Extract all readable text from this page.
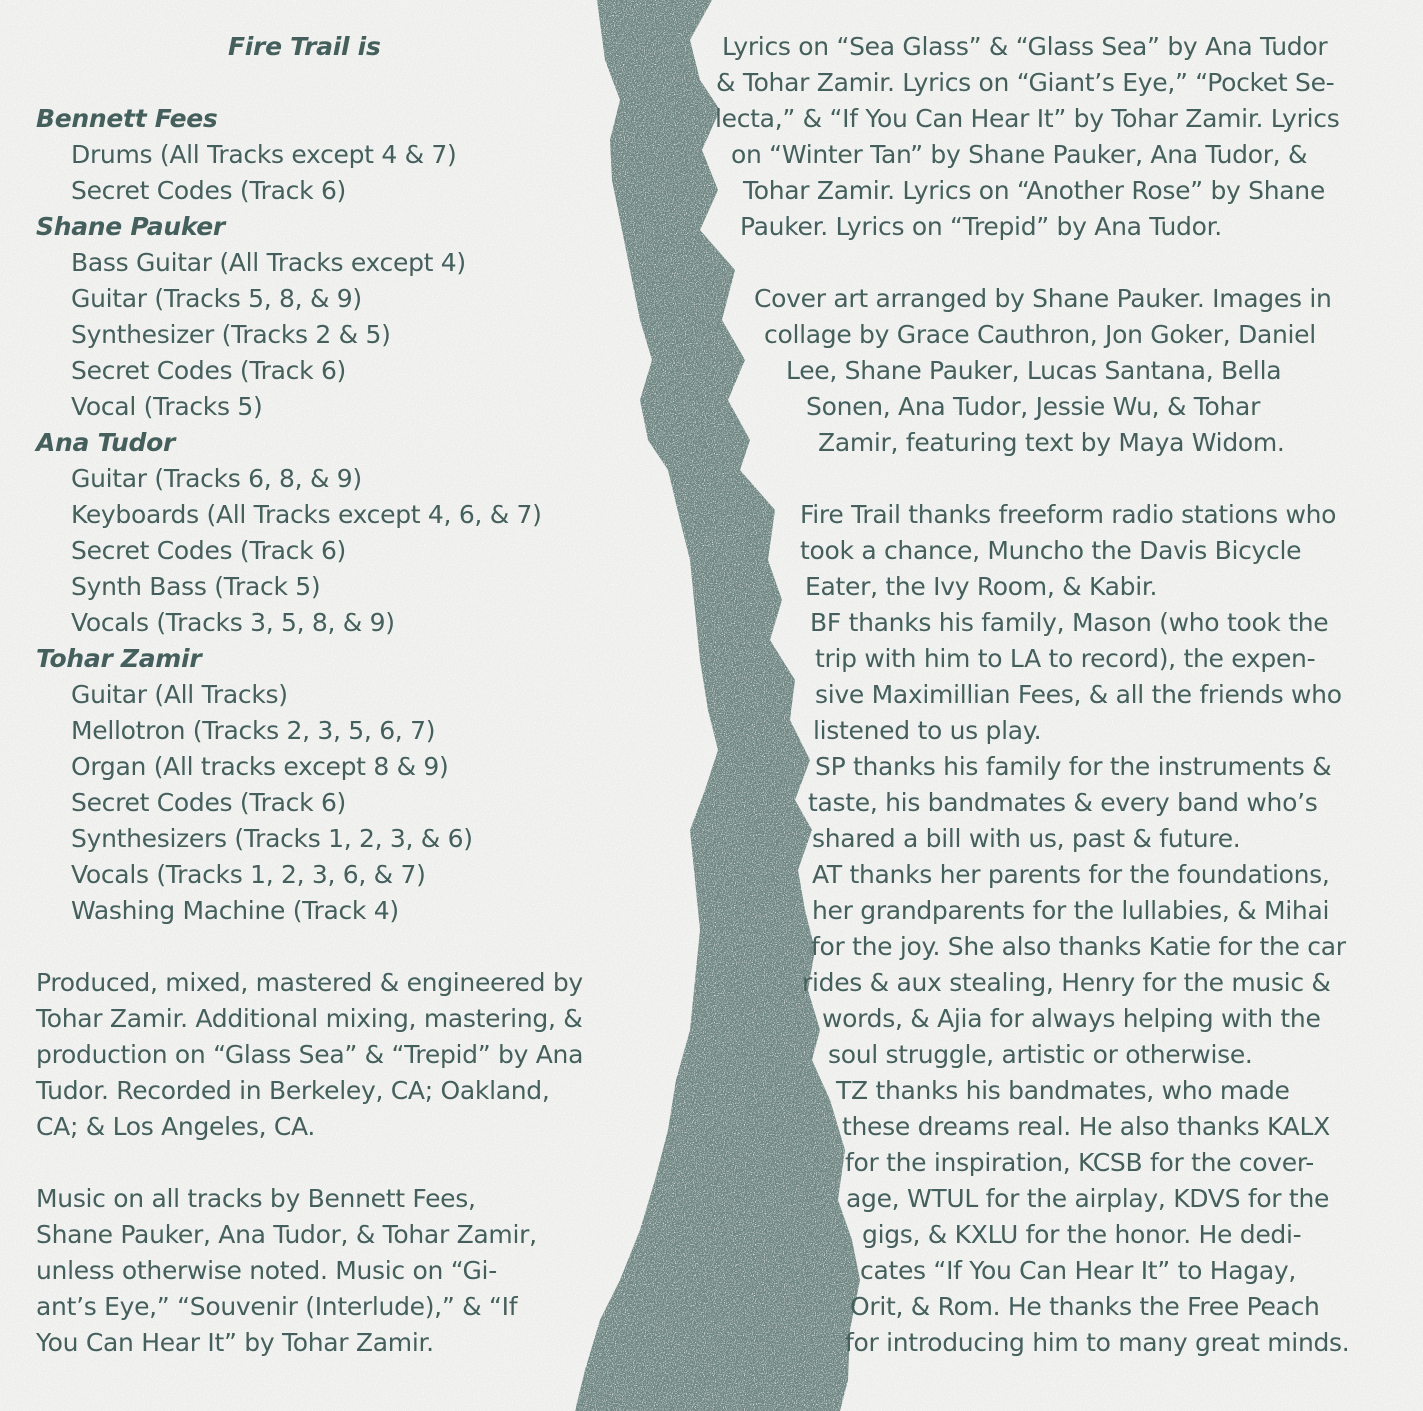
Fire Trail is
Bennett Fees
Drums (All Tracks except 4 & 7)
Secret Codes (Track 6)
Shane Pauker
Bass Guitar (All Tracks except 4)
Guitar (Tracks 5, 8, & 9)
Synthesizer (Tracks 2 & 5)
Secret Codes (Track 6)
Vocal (Tracks 5)
Ana Tudor
Guitar (Tracks 6, 8, & 9)
Keyboards (All Tracks except 4, 6, & 7)
Secret Codes (Track 6)
Synth Bass (Track 5)
Vocals (Tracks 3, 5, 8, & 9)
Tohar Zamir
Guitar (All Tracks)
Mellotron (Tracks 2, 3, 5, 6, 7)
Organ (All tracks except 8 & 9)
Secret Codes (Track 6)
Synthesizers (Tracks 1, 2, 3, & 6)
Vocals (Tracks 1, 2, 3, 6, & 7)
Washing Machine (Track 4)
Produced, mixed, mastered & engineered by
Tohar Zamir. Additional mixing, mastering, &
production on “Glass Sea” & “Trepid” by Ana
Tudor. Recorded in Berkeley, CA; Oakland,
CA; & Los Angeles, CA.
Music on all tracks by Bennett Fees,
Shane Pauker, Ana Tudor, & Tohar Zamir,
unless otherwise noted. Music on “Gi-
ant’s Eye,” “Souvenir (Interlude),” & “If
You Can Hear It” by Tohar Zamir.
Lyrics on “Sea Glass” & “Glass Sea” by Ana Tudor
& Tohar Zamir. Lyrics on “Giant’s Eye,” “Pocket Se-
lecta,” & “If You Can Hear It” by Tohar Zamir. Lyrics
on “Winter Tan” by Shane Pauker, Ana Tudor, &
Tohar Zamir. Lyrics on “Another Rose” by Shane
Pauker. Lyrics on “Trepid” by Ana Tudor.
Cover art arranged by Shane Pauker. Images in
collage by Grace Cauthron, Jon Goker, Daniel
Lee, Shane Pauker, Lucas Santana, Bella
Sonen, Ana Tudor, Jessie Wu, & Tohar
Zamir, featuring text by Maya Widom.
Fire Trail thanks freeform radio stations who
took a chance, Muncho the Davis Bicycle
Eater, the Ivy Room, & Kabir.
BF thanks his family, Mason (who took the
trip with him to LA to record), the expen-
sive Maximillian Fees, & all the friends who
listened to us play.
SP thanks his family for the instruments &
taste, his bandmates & every band who’s
shared a bill with us, past & future.
AT thanks her parents for the foundations,
her grandparents for the lullabies, & Mihai
for the joy. She also thanks Katie for the car
rides & aux stealing, Henry for the music &
words, & Ajia for always helping with the
soul struggle, artistic or otherwise.
TZ thanks his bandmates, who made
these dreams real. He also thanks KALX
for the inspiration, KCSB for the cover-
age, WTUL for the airplay, KDVS for the
gigs, & KXLU for the honor. He dedi-
cates “If You Can Hear It” to Hagay,
Orit, & Rom. He thanks the Free Peach
for introducing him to many great minds.
